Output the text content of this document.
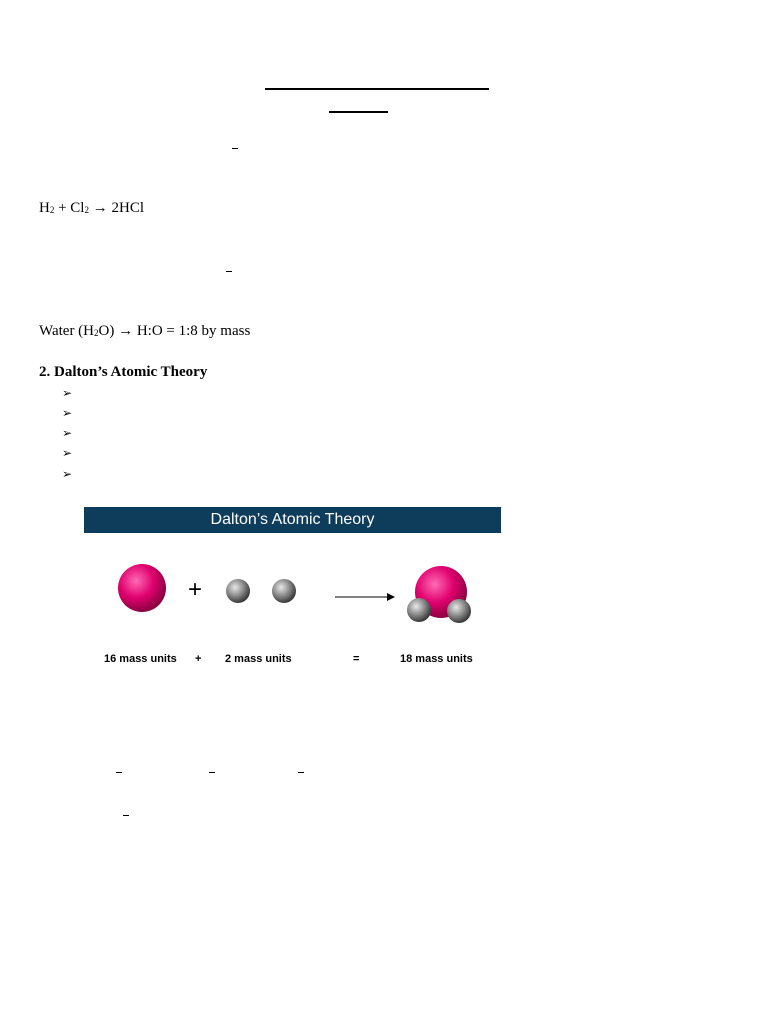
$H_2 + Cl_2 \to 2HCl$
Water $(H_2O)$ → H:O = 1:8 by mass
2. Dalton’s Atomic Theory
➢
➢
➢
➢
➢
Dalton’s Atomic Theory
+
16 mass units + 2 mass units	=	18 mass units
